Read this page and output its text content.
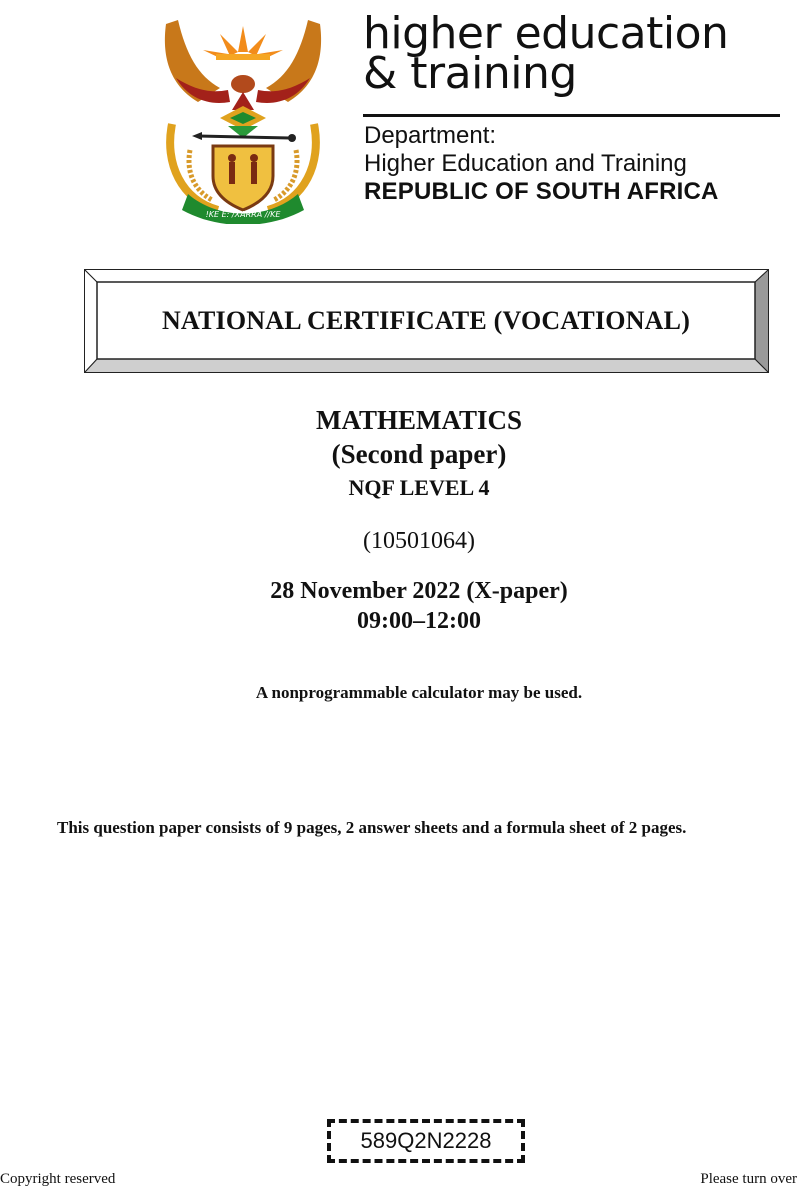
!KE E: /XARRA //KE
higher education
& training
Department:
Higher Education and Training
REPUBLIC OF SOUTH AFRICA
NATIONAL CERTIFICATE (VOCATIONAL)
MATHEMATICS
(Second paper)
NQF LEVEL 4
(10501064)
28 November 2022 (X-paper)
09:00–12:00
A nonprogrammable calculator may be used.
This question paper consists of 9 pages, 2 answer sheets and a formula sheet of 2 pages.
589Q2N2228
Copyright reserved	Please turn over
